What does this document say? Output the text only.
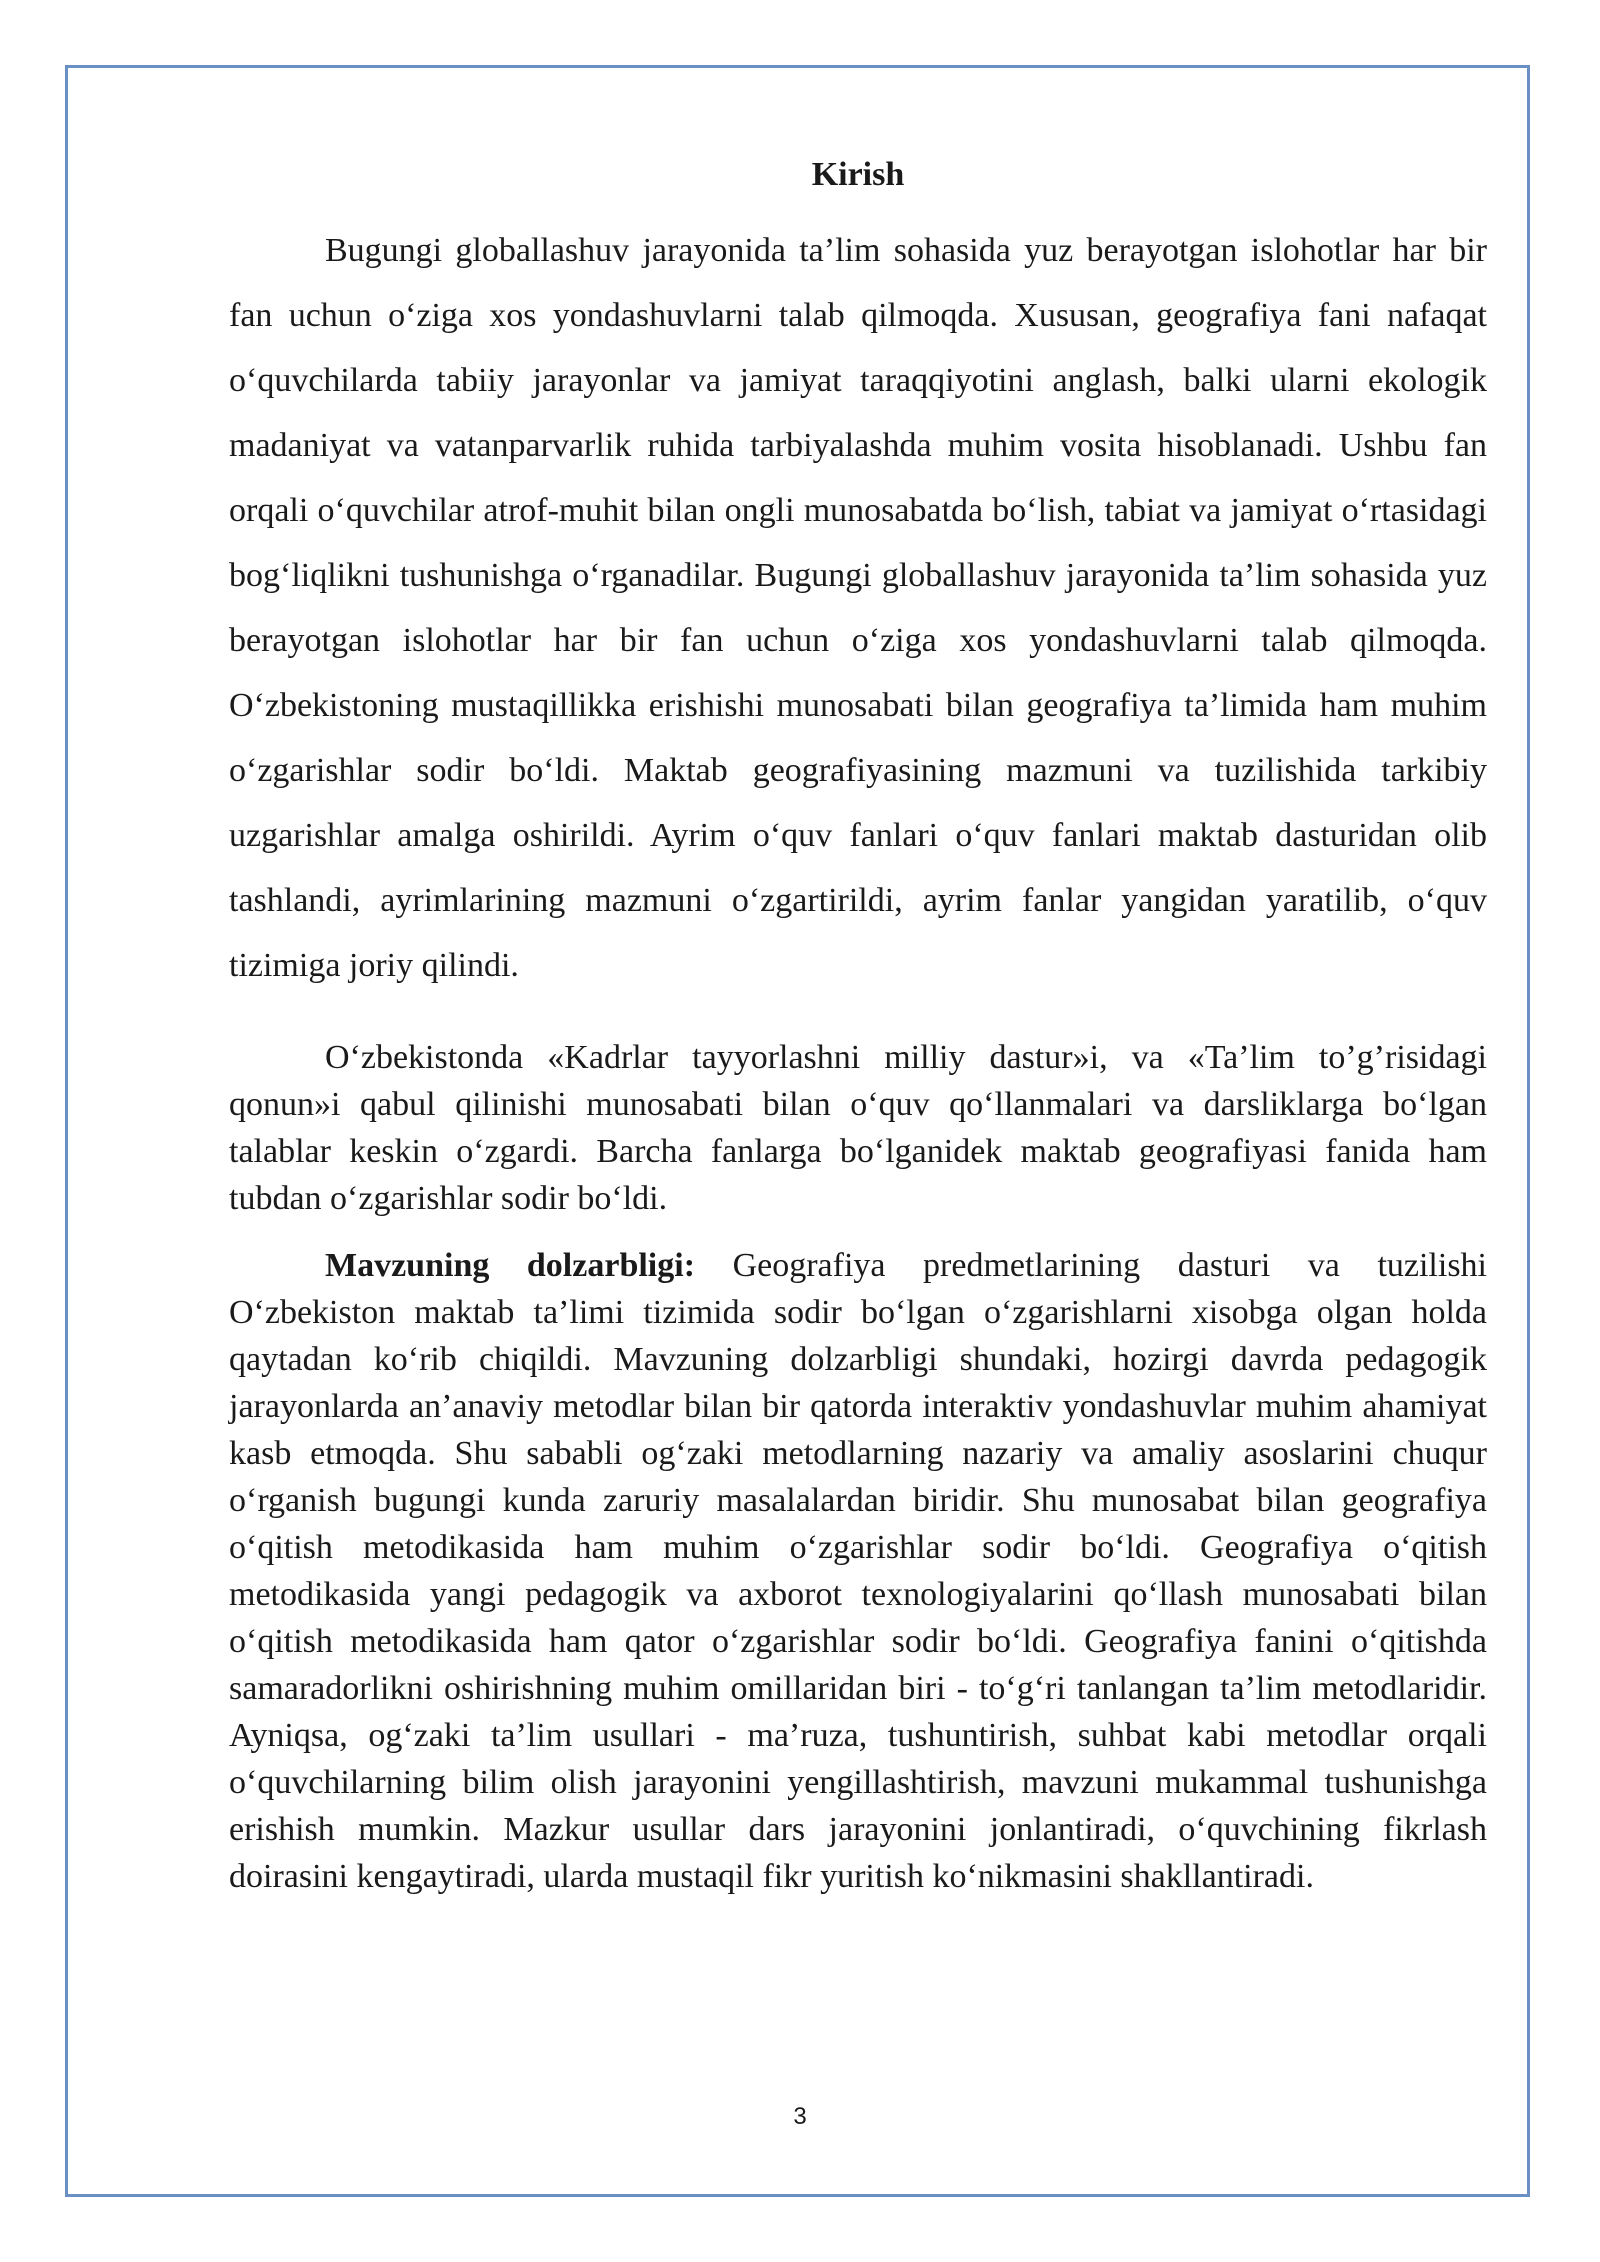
Kirish

Bugungi globallashuv jarayonida ta’lim sohasida yuz berayotgan islohotlar har bir fan uchun o‘ziga xos yondashuvlarni talab qilmoqda. Xususan, geografiya fani nafaqat o‘quvchilarda tabiiy jarayonlar va jamiyat taraqqiyotini anglash, balki ularni ekologik madaniyat va vatanparvarlik ruhida tarbiyalashda muhim vosita hisoblanadi. Ushbu fan orqali o‘quvchilar atrof-muhit bilan ongli munosabatda bo‘lish, tabiat va jamiyat o‘rtasidagi bog‘liqlikni tushunishga o‘rganadilar. Bugungi globallashuv jarayonida ta’lim sohasida yuz berayotgan islohotlar har bir fan uchun o‘ziga xos yondashuvlarni talab qilmoqda. O‘zbekistoning mustaqillikka erishishi munosabati bilan geografiya ta’limida ham muhim o‘zgarishlar sodir bo‘ldi. Maktab geografiyasining mazmuni va tuzilishida tarkibiy uzgarishlar amalga oshirildi. Ayrim o‘quv fanlari o‘quv fanlari maktab dasturidan olib tashlandi, ayrimlarining mazmuni o‘zgartirildi, ayrim fanlar yangidan yaratilib, o‘quv tizimiga joriy qilindi.

O‘zbekistonda «Kadrlar tayyorlashni milliy dastur»i, va «Ta’lim to’g’risidagi qonun»i qabul qilinishi munosabati bilan o‘quv qo‘llanmalari va darsliklarga bo‘lgan talablar keskin o‘zgardi. Barcha fanlarga bo‘lganidek maktab geografiyasi fanida ham tubdan o‘zgarishlar sodir bo‘ldi.

Mavzuning dolzarbligi: Geografiya predmetlarining dasturi va tuzilishi O‘zbekiston maktab ta’limi tizimida sodir bo‘lgan o‘zgarishlarni xisobga olgan holda qaytadan ko‘rib chiqildi. Mavzuning dolzarbligi shundaki, hozirgi davrda pedagogik jarayonlarda an’anaviy metodlar bilan bir qatorda interaktiv yondashuvlar muhim ahamiyat kasb etmoqda. Shu sababli og‘zaki metodlarning nazariy va amaliy asoslarini chuqur o‘rganish bugungi kunda zaruriy masalalardan biridir. Shu munosabat bilan geografiya o‘qitish metodikasida ham muhim o‘zgarishlar sodir bo‘ldi. Geografiya o‘qitish metodikasida yangi pedagogik va axborot texnologiyalarini qo‘llash munosabati bilan o‘qitish metodikasida ham qator o‘zgarishlar sodir bo‘ldi. Geografiya fanini o‘qitishda samaradorlikni oshirishning muhim omillaridan biri - to‘g‘ri tanlangan ta’lim metodlaridir. Ayniqsa, og‘zaki ta’lim usullari - ma’ruza, tushuntirish, suhbat kabi metodlar orqali o‘quvchilarning bilim olish jarayonini yengillashtirish, mavzuni mukammal tushunishga erishish mumkin. Mazkur usullar dars jarayonini jonlantiradi, o‘quvchining fikrlash doirasini kengaytiradi, ularda mustaqil fikr yuritish ko‘nikmasini shakllantiradi.

3
